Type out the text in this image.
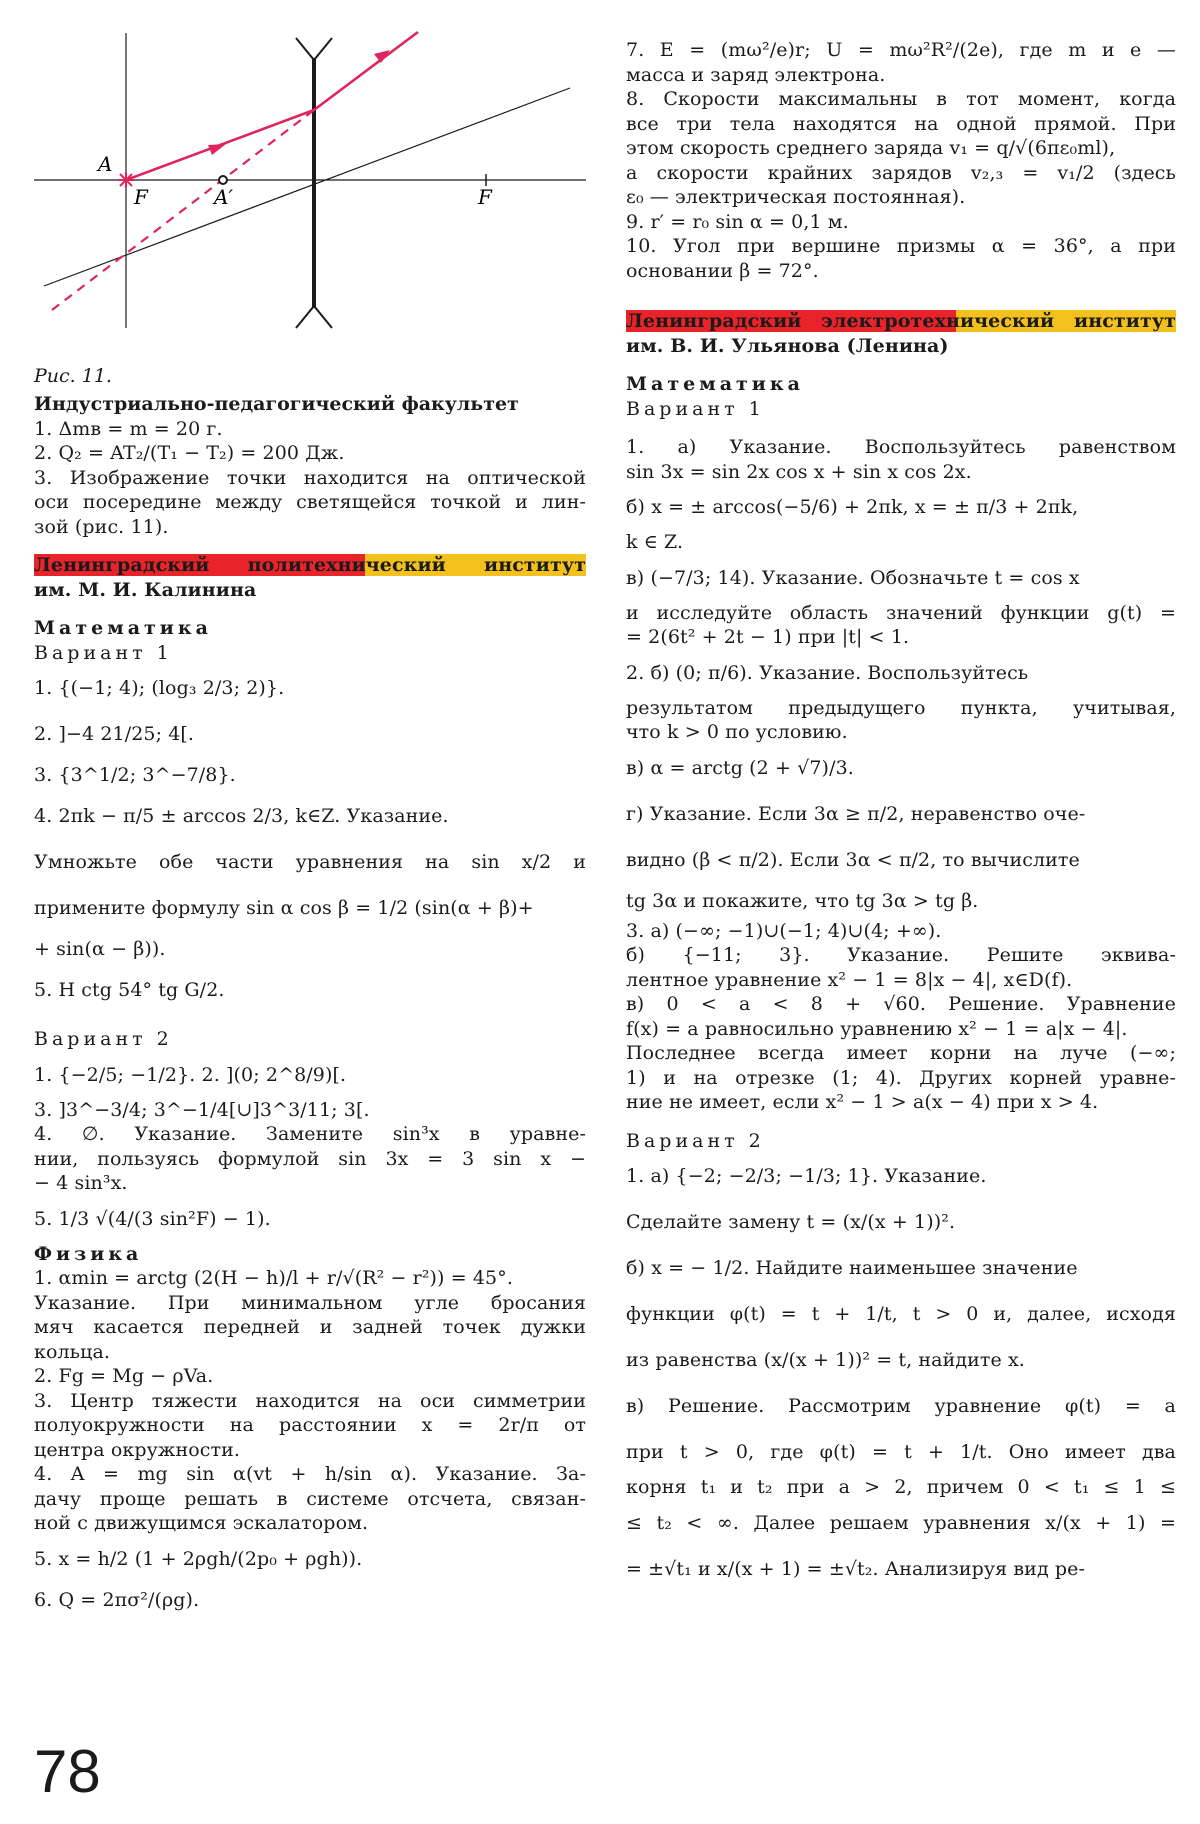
A
F	A′	F
Рис. 11.
Индустриально-педагогический факультет
1. Δmв = m = 20 г.
2. Q₂ = AT₂/(T₁ − T₂) = 200 Дж.
3. Изображение точки находится на оптической
оси посередине между светящейся точкой и лин-
зой (рис. 11).
Ленинградский политехнический институт
им. М. И. Калинина
Математика
Вариант 1
1. {(−1; 4); (log₃ 2/3; 2)}.
2. ]−4 21/25; 4[.
3. {3^1/2; 3^−7/8}.
4. 2πk − π/5 ± arccos 2/3, k∈Z. Указание.
Умножьте обе части уравнения на sin x/2 и
примените формулу sin α cos β = 1/2 (sin(α + β)+
+ sin(α − β)).
5. H ctg 54° tg G/2.
Вариант 2
1. {−2/5; −1/2}. 2. ](0; 2^8/9)[.
3. ]3^−3/4; 3^−1/4[∪]3^3/11; 3[.
4. ∅. Указание. Замените sin³x в уравне-
нии, пользуясь формулой sin 3x = 3 sin x −
− 4 sin³x.
5. 1/3 √(4/(3 sin²F) − 1).
Физика
1. αmin = arctg (2(H − h)/l + r/√(R² − r²)) = 45°.
Указание. При минимальном угле бросания
мяч касается передней и задней точек дужки
кольца.
2. Fg = Mg − ρVa.
3. Центр тяжести находится на оси симметрии
полуокружности на расстоянии x = 2r/π от
центра окружности.
4. A = mg sin α(vt + h/sin α). Указание. За-
дачу проще решать в системе отсчета, связан-
ной с движущимся эскалатором.
5. x = h/2 (1 + 2ρgh/(2p₀ + ρgh)).
6. Q = 2πσ²/(ρg).
7. E = (mω²/e)r; U = mω²R²/(2e), где m и e —
масса и заряд электрона.
8. Скорости максимальны в тот момент, когда
все три тела находятся на одной прямой. При
этом скорость среднего заряда v₁ = q/√(6πε₀ml),
а скорости крайних зарядов v₂,₃ = v₁/2 (здесь
ε₀ — электрическая постоянная).
9. r′ = r₀ sin α = 0,1 м.
10. Угол при вершине призмы α = 36°, а при
основании β = 72°.
Ленинградский электротехнический институт
им. В. И. Ульянова (Ленина)
Математика
Вариант 1
1. а) Указание. Воспользуйтесь равенством
sin 3x = sin 2x cos x + sin x cos 2x.
б) x = ± arccos(−5/6) + 2πk, x = ± π/3 + 2πk,
k ∈ Z.
в) (−7/3; 14). Указание. Обозначьте t = cos x
и исследуйте область значений функции g(t) =
= 2(6t² + 2t − 1) при |t| < 1.
2. б) (0; π/6). Указание. Воспользуйтесь
результатом предыдущего пункта, учитывая,
что k > 0 по условию.
в) α = arctg (2 + √7)/3.
г) Указание. Если 3α ≥ π/2, неравенство оче-
видно (β < π/2). Если 3α < π/2, то вычислите
tg 3α и покажите, что tg 3α > tg β.
3. а) (−∞; −1)∪(−1; 4)∪(4; +∞).
б) {−11; 3}. Указание. Решите эквива-
лентное уравнение x² − 1 = 8|x − 4|, x∈D(f).
в) 0 < a < 8 + √60. Решение. Уравнение
f(x) = a равносильно уравнению x² − 1 = a|x − 4|.
Последнее всегда имеет корни на луче (−∞;
1) и на отрезке (1; 4). Других корней уравне-
ние не имеет, если x² − 1 > a(x − 4) при x > 4.
Вариант 2
1. а) {−2; −2/3; −1/3; 1}. Указание.
Сделайте замену t = (x/(x + 1))².
б) x = − 1/2. Найдите наименьшее значение
функции φ(t) = t + 1/t, t > 0 и, далее, исходя
из равенства (x/(x + 1))² = t, найдите x.
в) Решение. Рассмотрим уравнение φ(t) = a
при t > 0, где φ(t) = t + 1/t. Оно имеет два
корня t₁ и t₂ при a > 2, причем 0 < t₁ ≤ 1 ≤
≤ t₂ < ∞. Далее решаем уравнения x/(x + 1) =
= ±√t₁ и x/(x + 1) = ±√t₂. Анализируя вид ре-
78
